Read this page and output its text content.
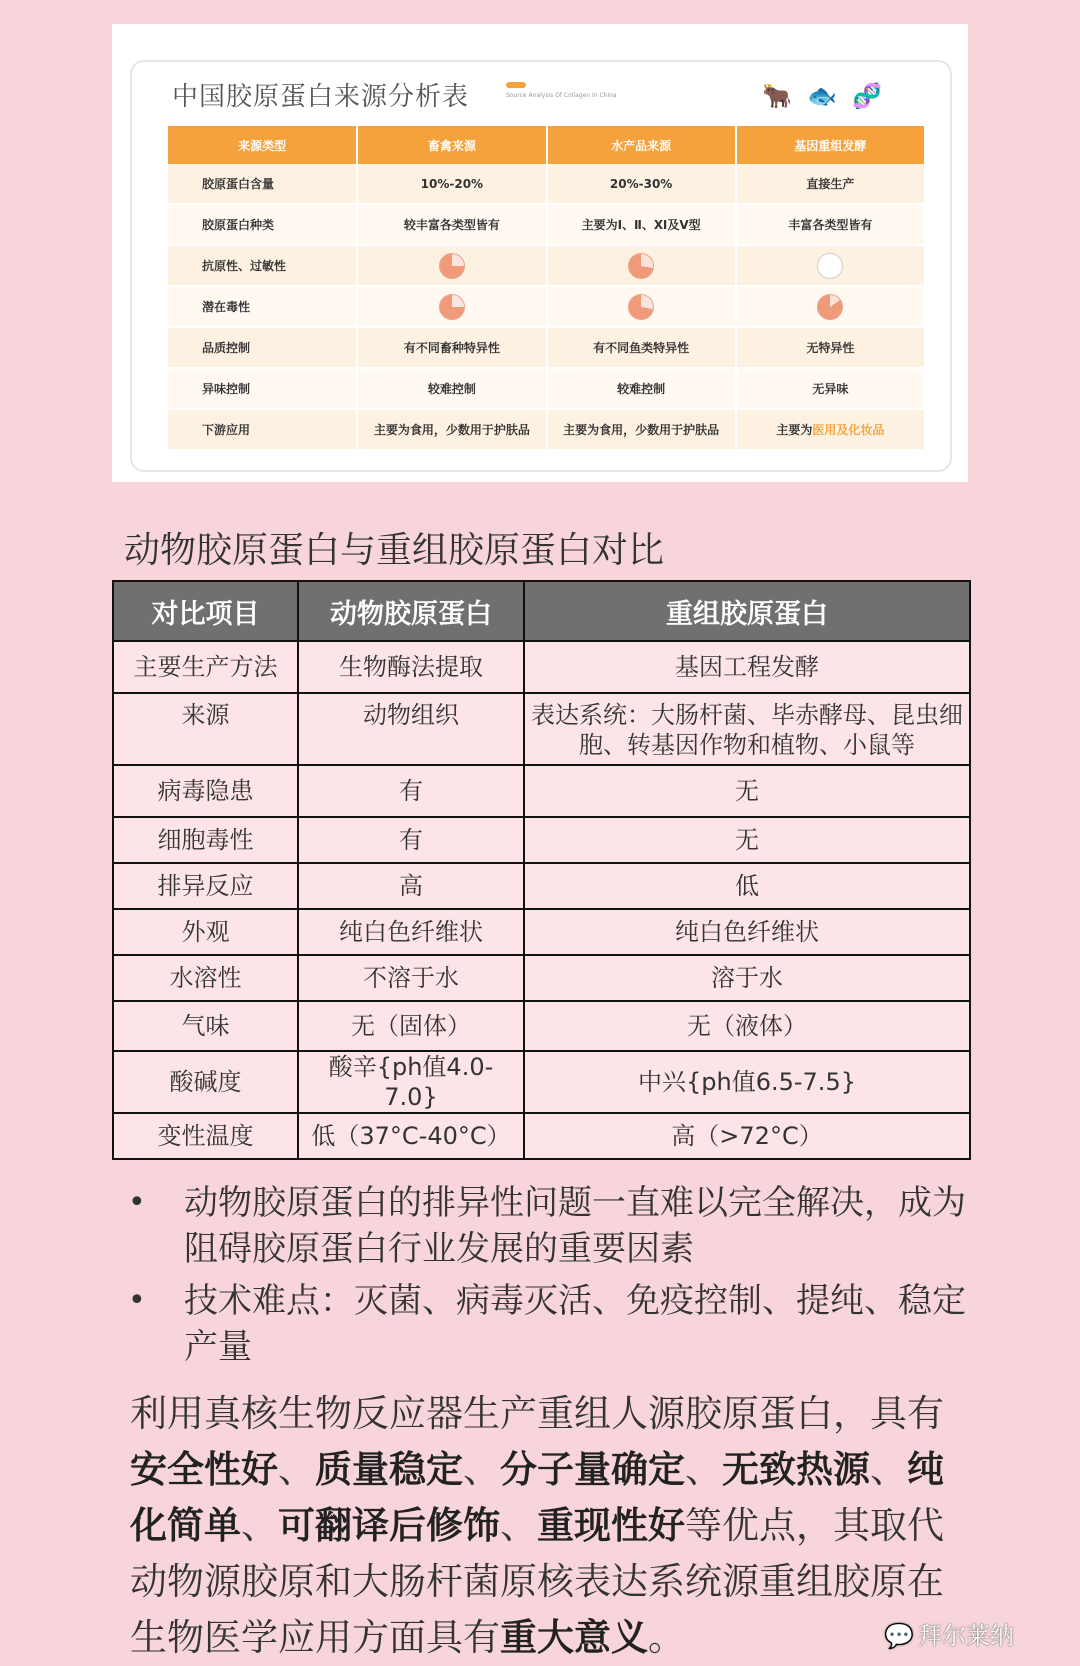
中国胶原蛋白来源分析表	Source Analysis Of Collagen In China	🐂 🐟 🧬
来源类型	畜禽来源	水产品来源	基因重组发酵
胶原蛋白含量	10%-20%	20%-30%	直接生产
胶原蛋白种类	较丰富各类型皆有	主要为Ⅰ、Ⅱ、Ⅺ及Ⅴ型	丰富各类型皆有
抗原性、过敏性			
潜在毒性			
品质控制	有不同畜种特异性	有不同鱼类特异性	无特异性
异味控制	较难控制	较难控制	无异味
下游应用	主要为食用，少数用于护肤品	主要为食用，少数用于护肤品	主要为医用及化妆品
动物胶原蛋白与重组胶原蛋白对比
对比项目	动物胶原蛋白	重组胶原蛋白
主要生产方法	生物酶法提取	基因工程发酵
来源	动物组织	表达系统：大肠杆菌、毕赤酵母、昆虫细胞、转基因作物和植物、小鼠等
病毒隐患	有	无
细胞毒性	有	无
排异反应	高	低
外观	纯白色纤维状	纯白色纤维状
水溶性	不溶于水	溶于水
气味	无（固体）	无（液体）
酸碱度	酸辛{ph值4.0-7.0}	中兴{ph值6.5-7.5}
变性温度	低（37°C-40°C）	高（>72°C）
• 动物胶原蛋白的排异性问题一直难以完全解决，成为阻碍胶原蛋白行业发展的重要因素
• 技术难点：灭菌、病毒灭活、免疫控制、提纯、稳定产量

利用真核生物反应器生产重组人源胶原蛋白，具有安全性好、质量稳定、分子量确定、无致热源、纯化简单、可翻译后修饰、重现性好等优点，其取代动物源胶原和大肠杆菌原核表达系统源重组胶原在生物医学应用方面具有重大意义。	💬 拜尔莱纳
